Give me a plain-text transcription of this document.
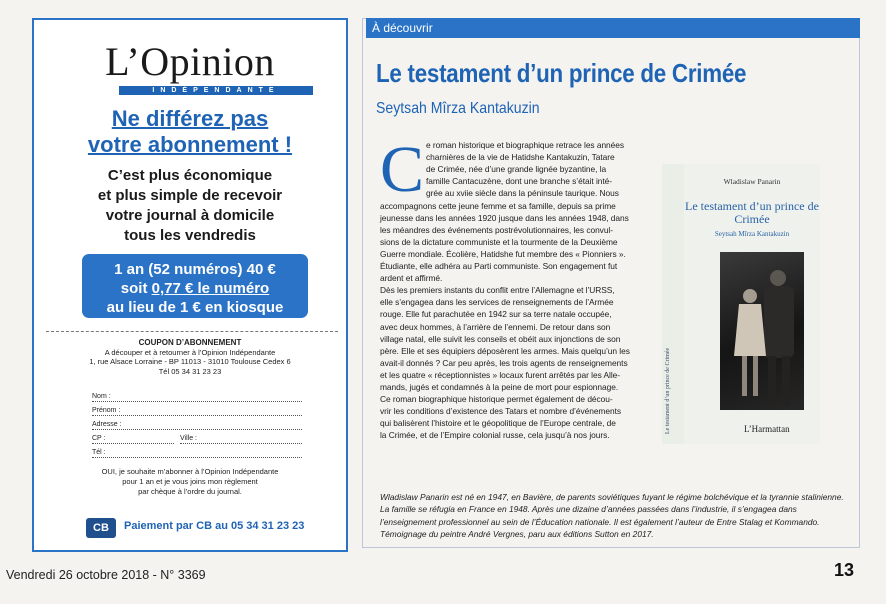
L’Opinion
INDÉPENDANTE
Ne différez pas
votre abonnement !
C’est plus économique
et plus simple de recevoir
votre journal à domicile
tous les vendredis
1 an (52 numéros) 40 €
soit 0,77 € le numéro
au lieu de 1 € en kiosque
COUPON D’ABONNEMENT
A découper et à retourner à l’Opinion Indépendante
1, rue Alsace Lorraine - BP 11013 - 31010 Toulouse Cedex 6
Tél 05 34 31 23 23
Nom :
Prénom :
Adresse :
CP :	Ville :
Tél :
OUI, je souhaite m’abonner à l’Opinion Indépendante
pour 1 an et je vous joins mon règlement
par chèque à l’ordre du journal.
CB	Paiement par CB au 05 34 31 23 23
À découvrir
Le testament d’un prince de Crimée
Seytsah Mîrza Kantakuzin
C e roman historique et biographique retrace les années
charnières de la vie de Hatidshe Kantakuzin, Tatare
de Crimée, née d’une grande lignée byzantine, la
famille Cantacuzène, dont une branche s’était inté-
grée au xviie siècle dans la péninsule taurique. Nous
accompagnons cette jeune femme et sa famille, depuis sa prime
jeunesse dans les années 1920 jusque dans les années 1948, dans
les méandres des événements postrévolutionnaires, les convul-
sions de la dictature communiste et la tourmente de la Deuxième
Guerre mondiale. Écolière, Hatidshe fut membre des « Pionniers ».
Étudiante, elle adhéra au Parti communiste. Son engagement fut
ardent et affirmé.
Dès les premiers instants du conflit entre l’Allemagne et l’URSS,
elle s’engagea dans les services de renseignements de l’Armée
rouge. Elle fut parachutée en 1942 sur sa terre natale occupée,
avec deux hommes, à l’arrière de l’ennemi. De retour dans son
village natal, elle suivit les conseils et obéit aux injonctions de son
père. Elle et ses équipiers déposèrent les armes. Mais quelqu’un les
avait-il donnés ? Car peu après, les trois agents de renseignements
et les quatre « réceptionnistes » locaux furent arrêtés par les Alle-
mands, jugés et condamnés à la peine de mort pour espionnage.
Ce roman biographique historique permet également de décou-
vrir les conditions d’existence des Tatars et nombre d’événements
qui balisèrent l’histoire et le géopolitique de l’Europe centrale, de
la Crimée, et de l’Empire colonial russe, cela jusqu’à nos jours.
Le testament d’un prince de Crimée
Wladislaw Panarin
Le testament d’un prince de Crimée
Seytsah Mîrza Kantakuzin
L’Harmattan
Wladislaw Panarin est né en 1947, en Bavière, de parents soviétiques fuyant le régime bolchévique et la tyrannie stalinienne. La famille se réfugia en France en 1948. Après une dizaine d’années passées dans l’industrie, il s’engagea dans l’enseignement professionnel au sein de l’Éducation nationale. Il est également l’auteur de Entre Stalag et Kommando. Témoignage du peintre André Vergnes, paru aux éditions Sutton en 2017.
Vendredi 26 octobre 2018 - N° 3369	13
